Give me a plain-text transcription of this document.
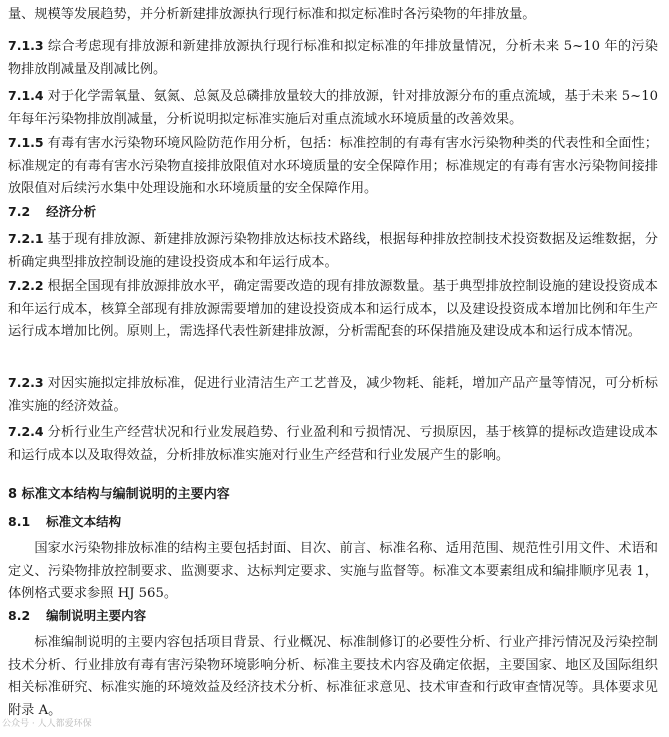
量、规模等发展趋势，并分析新建排放源执行现行标准和拟定标准时各污染物的年排放量。

7.1.3 综合考虑现有排放源和新建排放源执行现行标准和拟定标准的年排放量情况，分析未来 5~10 年的污染物排放削减量及削减比例。

7.1.4 对于化学需氧量、氨氮、总氮及总磷排放量较大的排放源，针对排放源分布的重点流域，基于未来 5~10 年每年污染物排放削减量，分析说明拟定标准实施后对重点流域水环境质量的改善效果。

7.1.5 有毒有害水污染物环境风险防范作用分析，包括：标准控制的有毒有害水污染物种类的代表性和全面性；标准规定的有毒有害水污染物直接排放限值对水环境质量的安全保障作用；标准规定的有毒有害水污染物间接排放限值对后续污水集中处理设施和水环境质量的安全保障作用。

7.2 经济分析

7.2.1 基于现有排放源、新建排放源污染物排放达标技术路线，根据每种排放控制技术投资数据及运维数据，分析确定典型排放控制设施的建设投资成本和年运行成本。

7.2.2 根据全国现有排放源排放水平，确定需要改造的现有排放源数量。基于典型排放控制设施的建设投资成本和年运行成本，核算全部现有排放源需要增加的建设投资成本和运行成本，以及建设投资成本增加比例和年生产运行成本增加比例。原则上，需选择代表性新建排放源，分析需配套的环保措施及建设成本和运行成本情况。

7.2.3 对因实施拟定排放标准，促进行业清洁生产工艺普及，减少物耗、能耗，增加产品产量等情况，可分析标准实施的经济效益。

7.2.4 分析行业生产经营状况和行业发展趋势、行业盈利和亏损情况、亏损原因，基于核算的提标改造建设成本和运行成本以及取得效益，分析排放标准实施对行业生产经营和行业发展产生的影响。

8 标准文本结构与编制说明的主要内容
8.1 标准文本结构

国家水污染物排放标准的结构主要包括封面、目次、前言、标准名称、适用范围、规范性引用文件、术语和定义、污染物排放控制要求、监测要求、达标判定要求、实施与监督等。标准文本要素组成和编排顺序见表 1，体例格式要求参照 HJ 565。

8.2 编制说明主要内容

标准编制说明的主要内容包括项目背景、行业概况、标准制修订的必要性分析、行业产排污情况及污染控制技术分析、行业排放有毒有害污染物环境影响分析、标准主要技术内容及确定依据，主要国家、地区及国际组织相关标准研究、标准实施的环境效益及经济技术分析、标准征求意见、技术审查和行政审查情况等。具体要求见附录 A。

公众号 · 人人都爱环保
